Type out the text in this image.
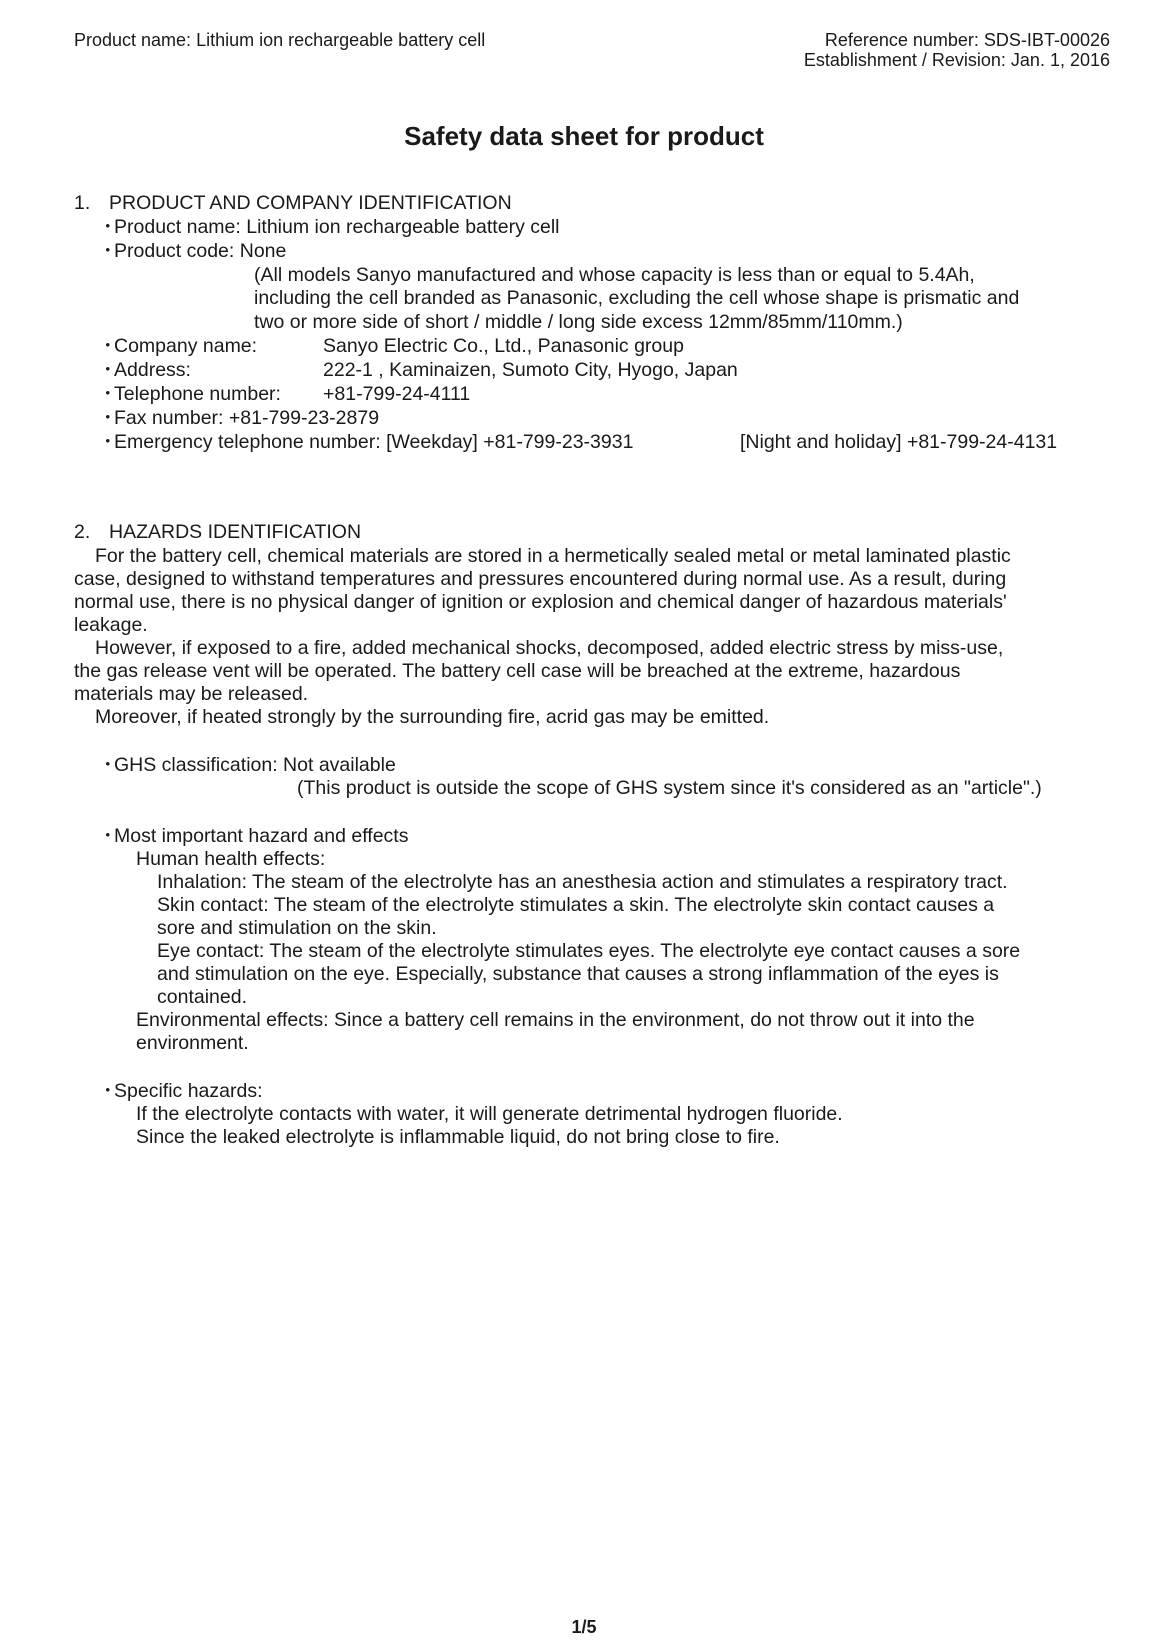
Product name: Lithium ion rechargeable battery cell	Reference number: SDS-IBT-00026
Establishment / Revision: Jan. 1, 2016
Safety data sheet for product
1. PRODUCT AND COMPANY IDENTIFICATION
・ Product name: Lithium ion rechargeable battery cell
・ Product code: None
(All models Sanyo manufactured and whose capacity is less than or equal to 5.4Ah,
including the cell branded as Panasonic, excluding the cell whose shape is prismatic and
two or more side of short / middle / long side excess 12mm/85mm/110mm.)
・ Company name:	Sanyo Electric Co., Ltd., Panasonic group
・ Address:	222-1 , Kaminaizen, Sumoto City, Hyogo, Japan
・ Telephone number: +81-799-24-4111
・ Fax number: +81-799-23-2879
・ Emergency telephone number: [Weekday] +81-799-23-3931	[Night and holiday] +81-799-24-4131
2. HAZARDS IDENTIFICATION
For the battery cell, chemical materials are stored in a hermetically sealed metal or metal laminated plastic
case, designed to withstand temperatures and pressures encountered during normal use. As a result, during
normal use, there is no physical danger of ignition or explosion and chemical danger of hazardous materials'
leakage.
However, if exposed to a fire, added mechanical shocks, decomposed, added electric stress by miss-use,
the gas release vent will be operated. The battery cell case will be breached at the extreme, hazardous
materials may be released.
Moreover, if heated strongly by the surrounding fire, acrid gas may be emitted.
・ GHS classification: Not available
(This product is outside the scope of GHS system since it's considered as an "article".)
・ Most important hazard and effects
Human health effects:
Inhalation: The steam of the electrolyte has an anesthesia action and stimulates a respiratory tract.
Skin contact: The steam of the electrolyte stimulates a skin. The electrolyte skin contact causes a
sore and stimulation on the skin.
Eye contact: The steam of the electrolyte stimulates eyes. The electrolyte eye contact causes a sore
and stimulation on the eye. Especially, substance that causes a strong inflammation of the eyes is
contained.
Environmental effects: Since a battery cell remains in the environment, do not throw out it into the
environment.
・ Specific hazards:
If the electrolyte contacts with water, it will generate detrimental hydrogen fluoride.
Since the leaked electrolyte is inflammable liquid, do not bring close to fire.
1/5
